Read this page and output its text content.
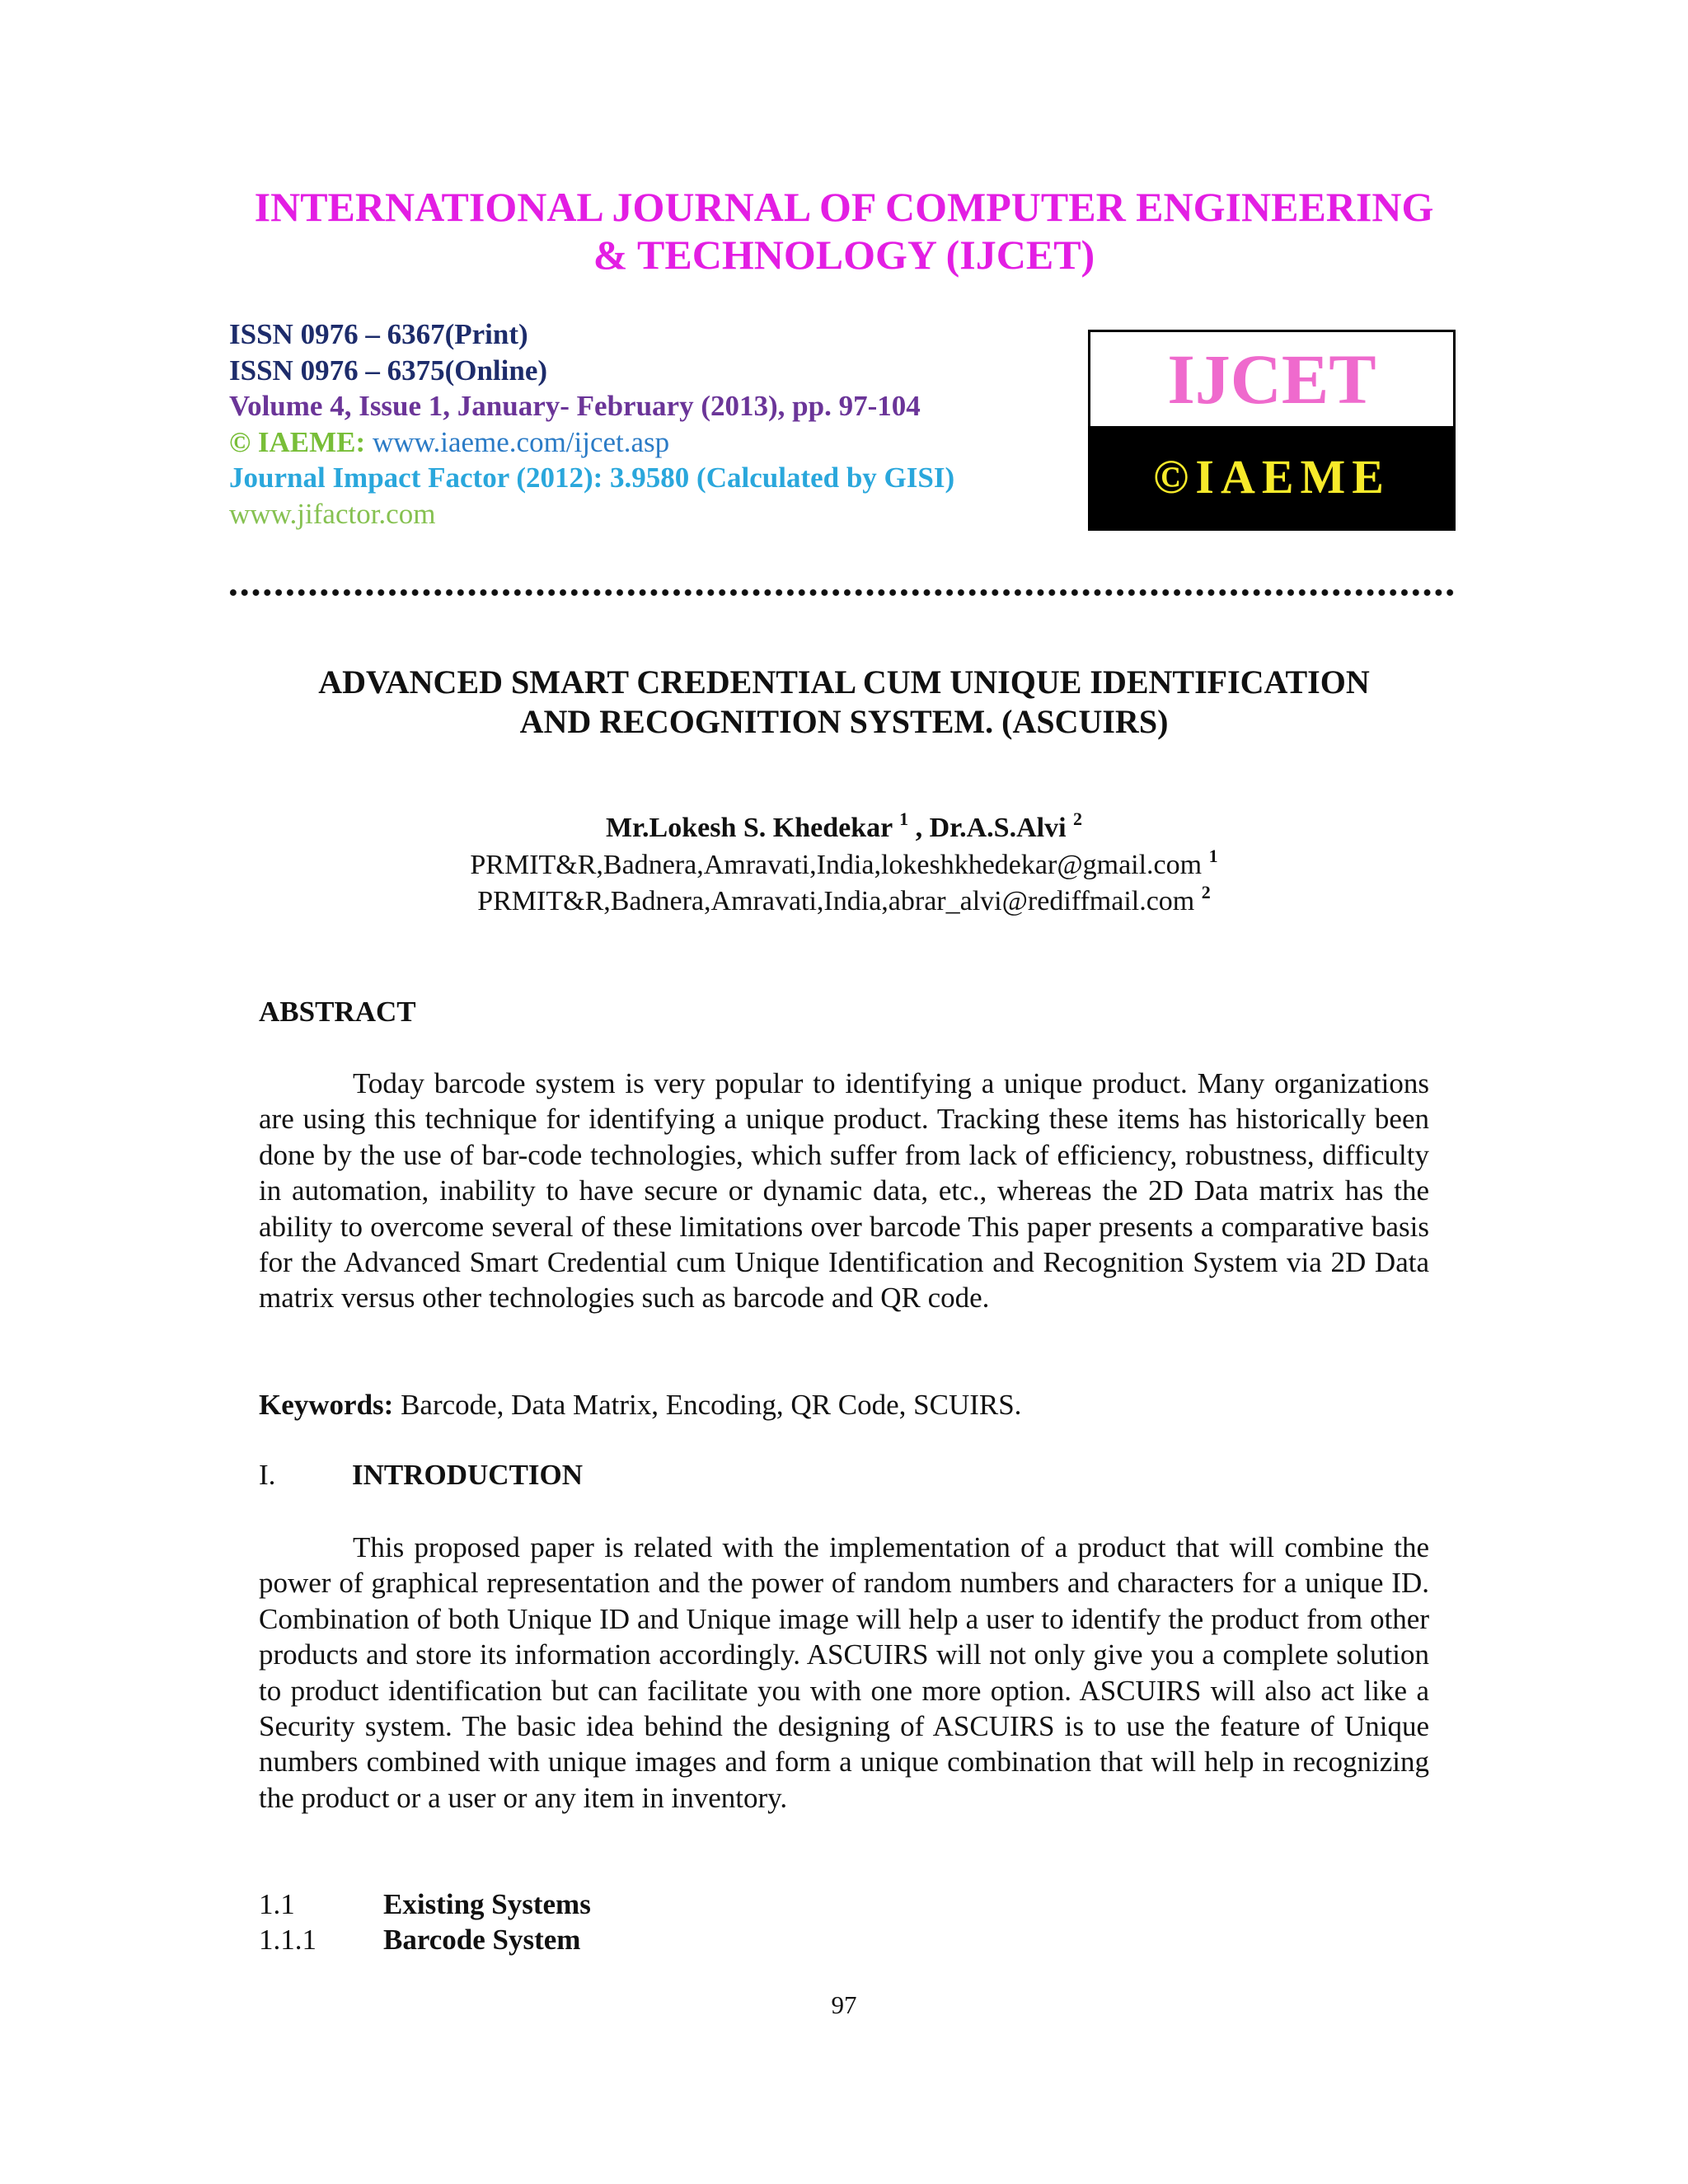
INTERNATIONAL JOURNAL OF COMPUTER ENGINEERING
& TECHNOLOGY (IJCET)
ISSN 0976 – 6367(Print)
ISSN 0976 – 6375(Online)
Volume 4, Issue 1, January- February (2013), pp. 97-104
© IAEME: www.iaeme.com/ijcet.asp
Journal Impact Factor (2012): 3.9580 (Calculated by GISI)
www.jifactor.com
IJCET
©IAEME
ADVANCED SMART CREDENTIAL CUM UNIQUE IDENTIFICATION
AND RECOGNITION SYSTEM. (ASCUIRS)
Mr.Lokesh S. Khedekar $^1$ , Dr.A.S.Alvi $^2$
PRMIT&R,Badnera,Amravati,India,lokeshkhedekar@gmail.com $^1$
PRMIT&R,Badnera,Amravati,India,abrar_alvi@rediffmail.com $^2$
ABSTRACT
Today barcode system is very popular to identifying a unique product. Many organizations are using this technique for identifying a unique product. Tracking these items has historically been done by the use of bar-code technologies, which suffer from lack of efficiency, robustness, difficulty in automation, inability to have secure or dynamic data, etc., whereas the 2D Data matrix has the ability to overcome several of these limitations over barcode This paper presents a comparative basis for the Advanced Smart Credential cum Unique Identification and Recognition System via 2D Data matrix versus other technologies such as barcode and QR code.
Keywords: Barcode, Data Matrix, Encoding, QR Code, SCUIRS.
I.	INTRODUCTION
This proposed paper is related with the implementation of a product that will combine the power of graphical representation and the power of random numbers and characters for a unique ID. Combination of both Unique ID and Unique image will help a user to identify the product from other products and store its information accordingly. ASCUIRS will not only give you a complete solution to product identification but can facilitate you with one more option. ASCUIRS will also act like a Security system. The basic idea behind the designing of ASCUIRS is to use the feature of Unique numbers combined with unique images and form a unique combination that will help in recognizing the product or a user or any item in inventory.
1.1	Existing Systems
1.1.1 Barcode System
97
